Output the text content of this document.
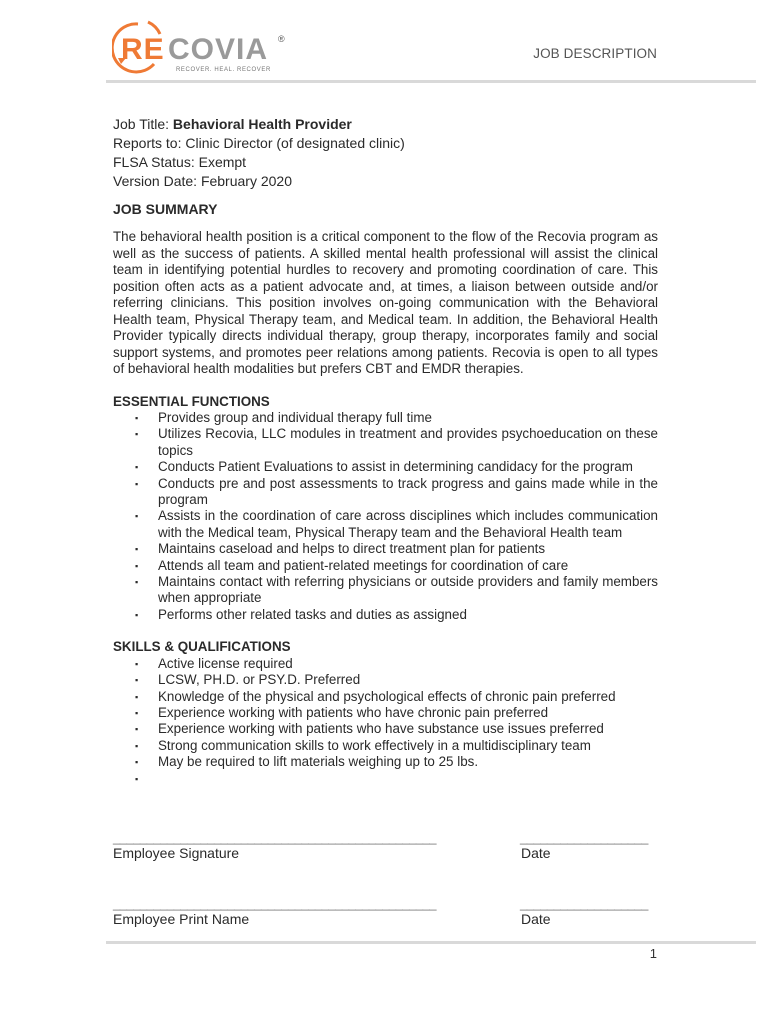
RE COVIA ®
RECOVER. HEAL. RECOVER
JOB DESCRIPTION

Job Title: Behavioral Health Provider

Reports to: Clinic Director (of designated clinic)

FLSA Status: Exempt

Version Date: February 2020

JOB SUMMARY

The behavioral health position is a critical component to the flow of the Recovia program as well as the success of patients. A skilled mental health professional will assist the clinical team in identifying potential hurdles to recovery and promoting coordination of care. This position often acts as a patient advocate and, at times, a liaison between outside and/or referring clinicians. This position involves on-going communication with the Behavioral Health team, Physical Therapy team, and Medical team. In addition, the Behavioral Health Provider typically directs individual therapy, group therapy, incorporates family and social support systems, and promotes peer relations among patients. Recovia is open to all types of behavioral health modalities but prefers CBT and EMDR therapies.

ESSENTIAL FUNCTIONS

▪ Provides group and individual therapy full time
▪ Utilizes Recovia, LLC modules in treatment and provides psychoeducation on these topics
▪ Conducts Patient Evaluations to assist in determining candidacy for the program
▪ Conducts pre and post assessments to track progress and gains made while in the program
▪ Assists in the coordination of care across disciplines which includes communication with the Medical team, Physical Therapy team and the Behavioral Health team
▪ Maintains caseload and helps to direct treatment plan for patients
▪ Attends all team and patient-related meetings for coordination of care
▪ Maintains contact with referring physicians or outside providers and family members when appropriate
▪ Performs other related tasks and duties as assigned

SKILLS & QUALIFICATIONS

▪ Active license required
▪ LCSW, PH.D. or PSY.D. Preferred
▪ Knowledge of the physical and psychological effects of chronic pain preferred
▪ Experience working with patients who have chronic pain preferred
▪ Experience working with patients who have substance use issues preferred
▪ Strong communication skills to work effectively in a multidisciplinary team
▪ May be required to lift materials weighing up to 25 lbs.
▪

________________________________________________
Employee Signature
___________________
Date
________________________________________________
Employee Print Name
___________________
Date
1
